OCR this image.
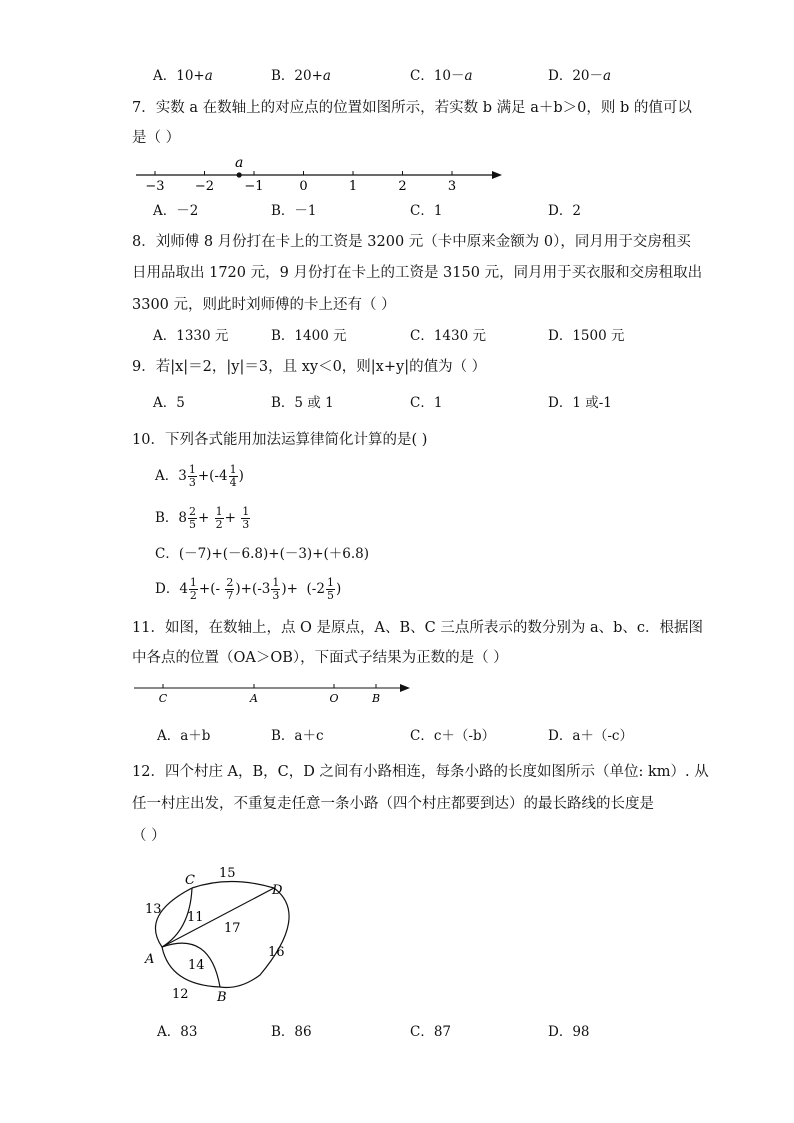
A．10+a	B．20+a	C．10－a	D．20－a
7．实数 a 在数轴上的对应点的位置如图所示，若实数 b 满足 a＋b＞0，则 b 的值可以
是（ ）
−3 −2 −1	0	1	2	3
a
A．－2	B．－1	C．1	D．2
8．刘师傅 8 月份打在卡上的工资是 3200 元（卡中原来金额为 0），同月用于交房租买
日用品取出 1720 元，9 月份打在卡上的工资是 3150 元，同月用于买衣服和交房租取出
3300 元，则此时刘师傅的卡上还有（ ）
A．1330 元	B．1400 元	C．1430 元	D．1500 元
9．若|x|＝2，|y|＝3，且 xy＜0，则|x+y|的值为（ ）
A．5	B．5 或 1	C．1	D．1 或-1
10．下列各式能用加法运算律简化计算的是( )
A．$3 \frac{1}{3} +(-4 \frac{1}{4}$ )
B．$8 \frac{2}{5} + \frac{1}{2} + \frac{1}{3}$
C．(－7)+(－6.8)+(－3)+(＋6.8)
D．$4 \frac{1}{2}$ +(- $\frac{2}{7} )+(-3 \frac{1}{3}$ )+  ($-2 \frac{1}{5}$ )
11．如图，在数轴上，点 O 是原点，A、B、C 三点所表示的数分别为 a、b、c．根据图
中各点的位置（OA＞OB），下面式子结果为正数的是（ ）
C	A	O	B
A．a＋b	B．a＋c	C．c＋（-b）	D．a＋（-c）
12．四个村庄 A，B，C，D 之间有小路相连，每条小路的长度如图所示（单位: km）. 从
任一村庄出发，不重复走任意一条小路（四个村庄都要到达）的最长路线的长度是
（ ）
C
D
A
B
15
13
11
17
16
14
12
A．83	B．86	C．87	D．98
